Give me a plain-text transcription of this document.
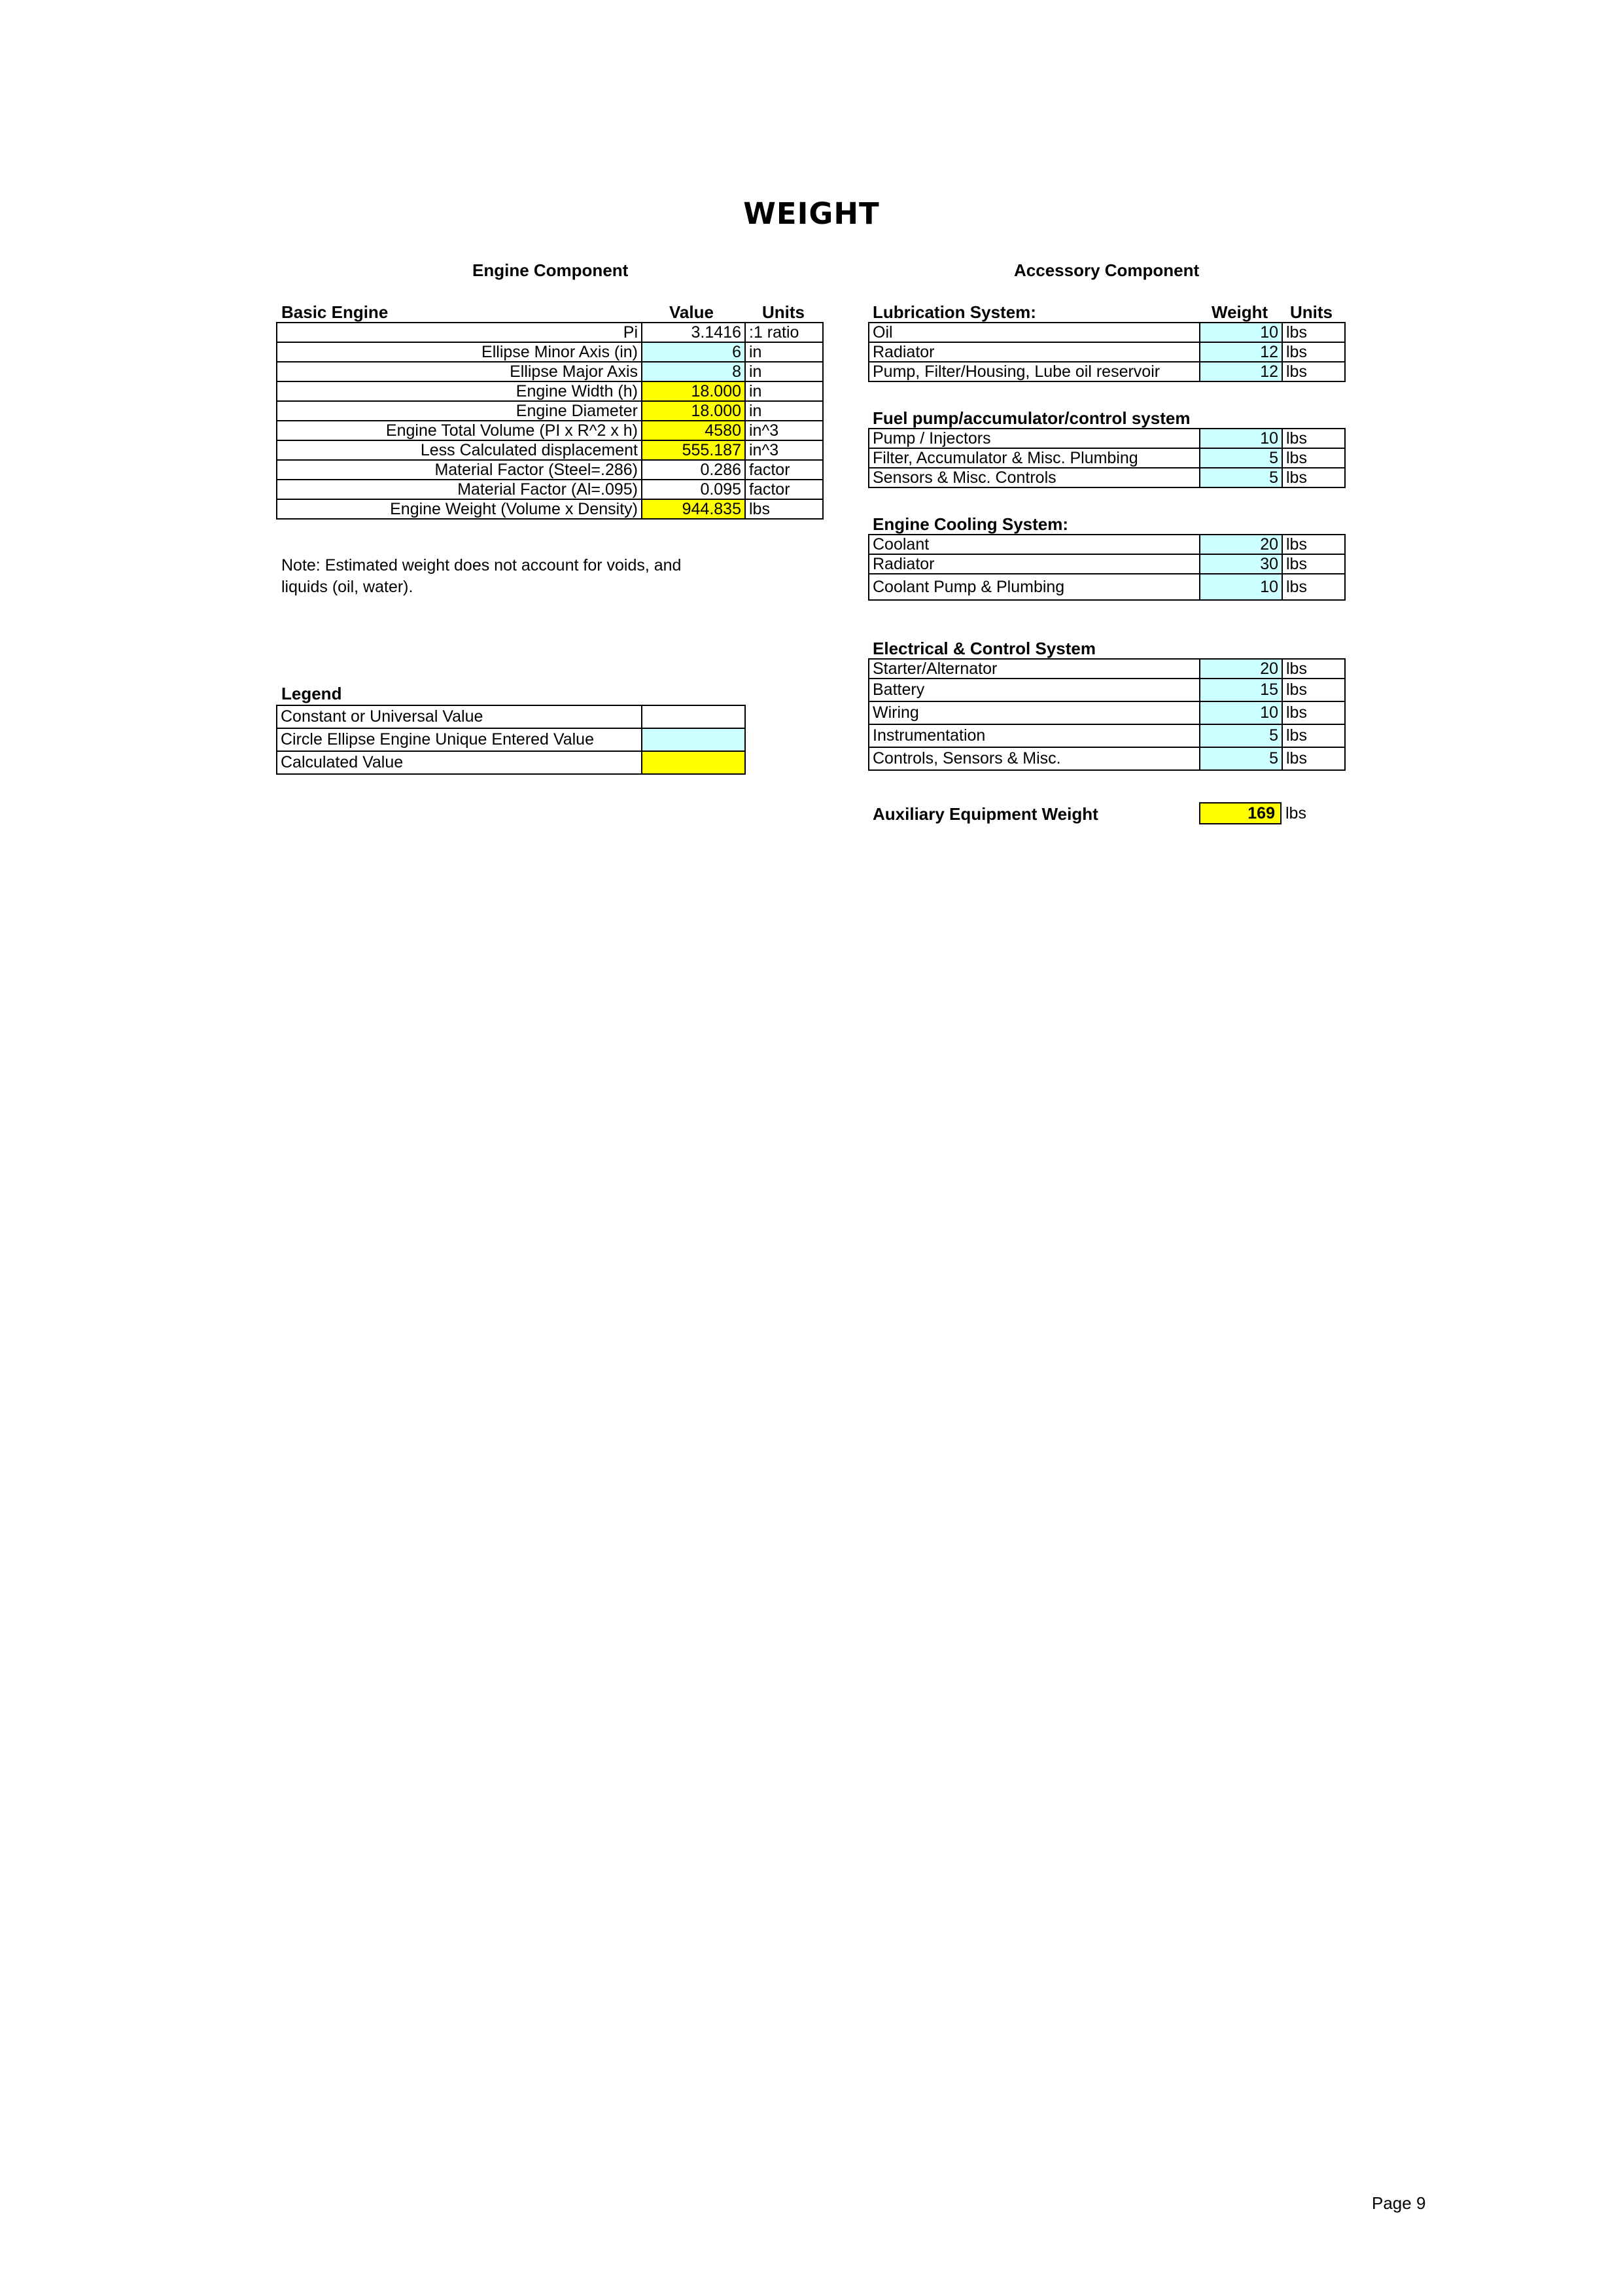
WEIGHT
Engine Component
Basic Engine	Value	Units
Pi	3.1416	:1 ratio
Ellipse Minor Axis (in)	6	in
Ellipse Major Axis	8	in
Engine Width (h)	18.000	in
Engine Diameter	18.000	in
Engine Total Volume (PI x R^2 x h)	4580	in^3
Less Calculated displacement	555.187	in^3
Material Factor (Steel=.286)	0.286	factor
Material Factor (Al=.095)	0.095	factor
Engine Weight (Volume x Density)	944.835	lbs
Note: Estimated weight does not account for voids, and liquids (oil, water).
Legend
Constant or Universal Value	
Circle Ellipse Engine Unique Entered Value	
Calculated Value	
Accessory Component
Lubrication System:	Weight Units
Oil	10	lbs
Radiator	12	lbs
Pump, Filter/Housing, Lube oil reservoir	12	lbs
Fuel pump/accumulator/control system
Pump / Injectors	10	lbs
Filter, Accumulator & Misc. Plumbing	5	lbs
Sensors & Misc. Controls	5	lbs
Engine Cooling System:
Coolant	20	lbs
Radiator	30	lbs
Coolant Pump & Plumbing	10	lbs
Electrical & Control System
Starter/Alternator	20	lbs
Battery	15	lbs
Wiring	10	lbs
Instrumentation	5	lbs
Controls, Sensors & Misc.	5	lbs
Auxiliary Equipment Weight	169 lbs
Page 9
